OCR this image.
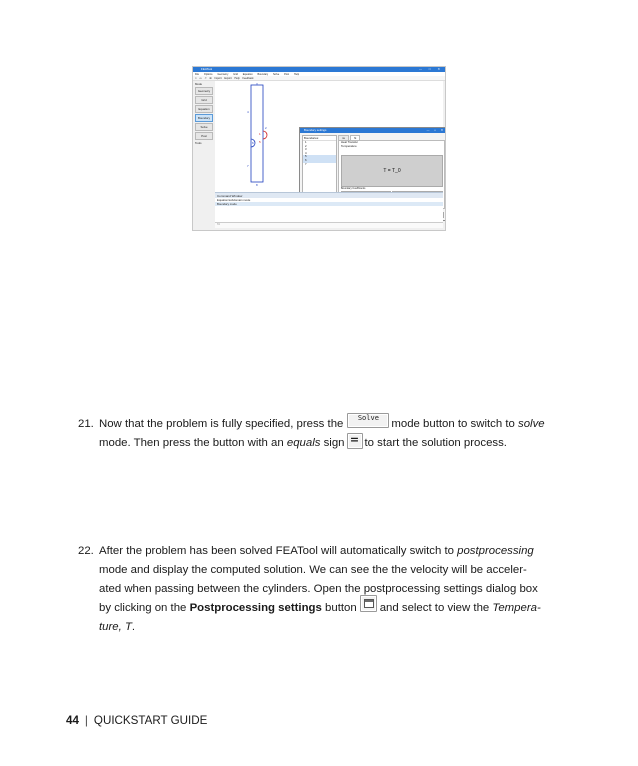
FEATool	— □ ✕
File Options Geometry Grid Equation Boundary Solve Post Help
□ ▭ ⊂ ⊞ Import Export Help Feedback
Mode
Geometry
Grid
Equation
Boundary
Solve
Post
Tools
3
4
2
1
5
6
7
8
Boundary settings	— □ ✕
Boundaries:
1
2
3
4
5
6
7
ns	ht
Heat Transfer
Temperature
T = T_0
Boundary Coefficients
Command Window
Equation/subdomain mode
Boundary mode
>>
21. Now that the problem is fully specified, press the Solve mode button to switch to solve
mode. Then press the button with an equals sign = to start the solution process.

22. After the problem has been solved FEATool will automatically switch to postprocessing
mode and display the computed solution. We can see the the velocity will be acceler-
ated when passing between the cylinders. Open the postprocessing settings dialog box
by clicking on the Postprocessing settings button and select to view the Tempera-
ture, T.

44 | QUICKSTART GUIDE
